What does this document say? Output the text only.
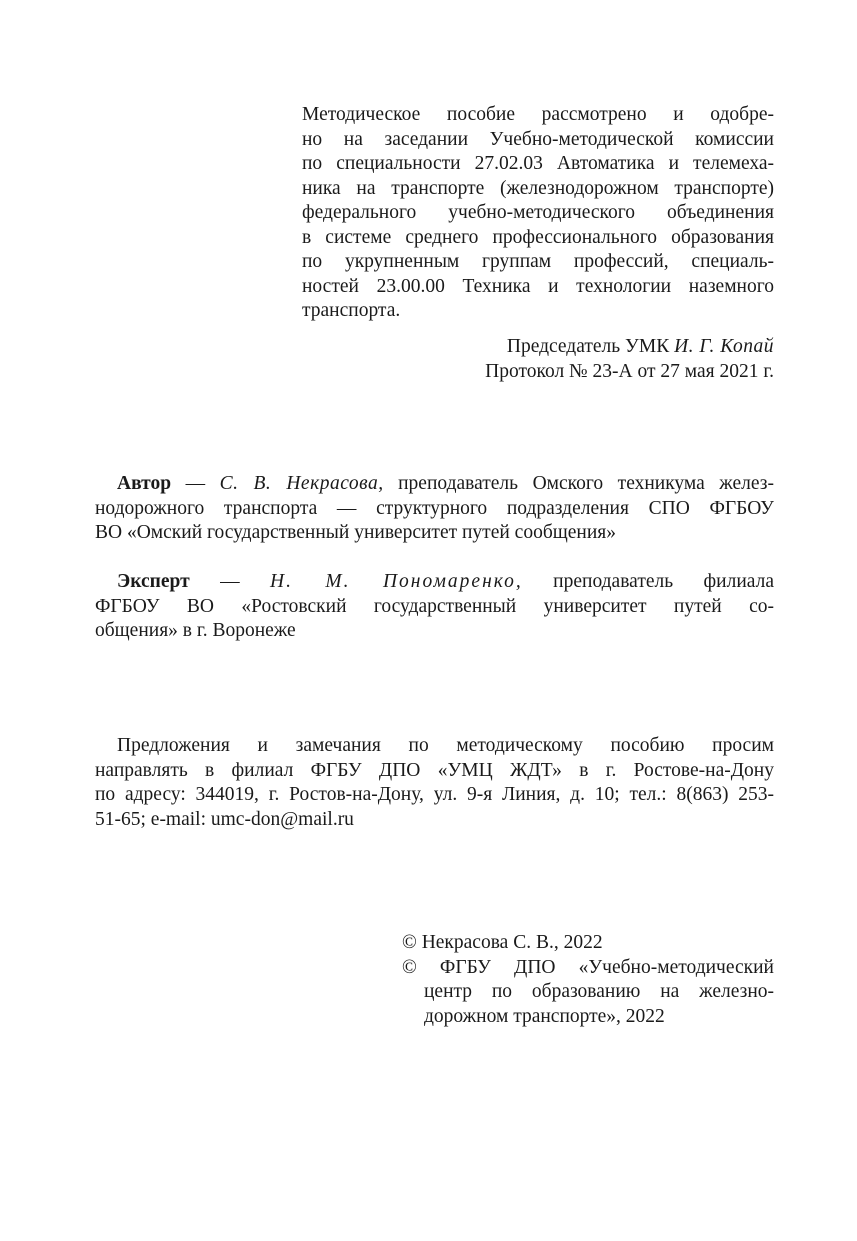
Методическое пособие рассмотрено и одобре-
но на заседании Учебно-методической комиссии
по специальности 27.02.03 Автоматика и телемеха-
ника на транспорте (железнодорожном транспорте)
федерального учебно-методического объединения
в системе среднего профессионального образования
по укрупненным группам профессий, специаль-
ностей 23.00.00 Техника и технологии наземного
транспорта.
Председатель УМК И. Г. Копай
Протокол № 23-А от 27 мая 2021 г.
Автор — С. В. Некрасова, преподаватель Омского техникума желез-
нодорожного транспорта — структурного подразделения СПО ФГБОУ
ВО «Омский государственный университет путей сообщения»
Эксперт — Н. М. Пономаренко, преподаватель филиала
ФГБОУ ВО «Ростовский государственный университет путей со-
общения» в г. Воронеже
Предложения и замечания по методическому пособию просим
направлять в филиал ФГБУ ДПО «УМЦ ЖДТ» в г. Ростове-на-Дону
по адресу: 344019, г. Ростов-на-Дону, ул. 9-я Линия, д. 10; тел.: 8(863) 253-
51-65; e-mail: umc-don@mail.ru
© Некрасова С. В., 2022
© ФГБУ ДПО «Учебно-методический
центр по образованию на железно-
дорожном транспорте», 2022
